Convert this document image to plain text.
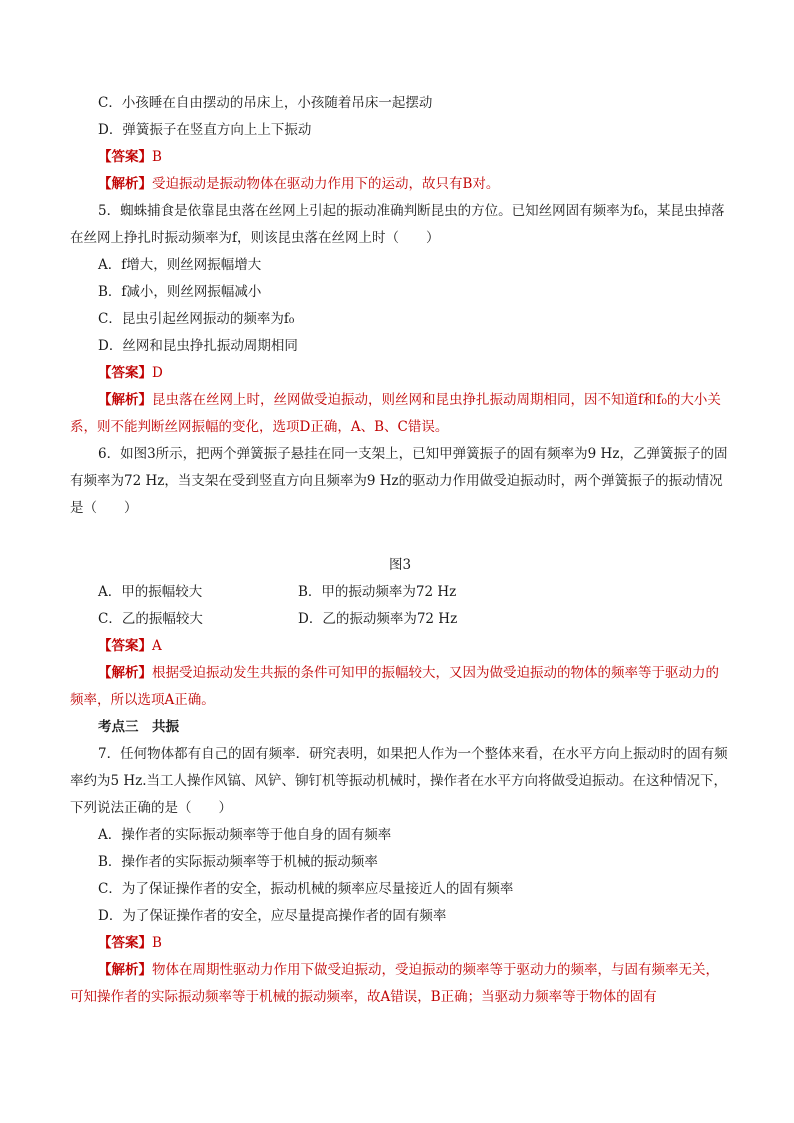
C．小孩睡在自由摆动的吊床上，小孩随着吊床一起摆动
D．弹簧振子在竖直方向上上下振动
【答案】B
【解析】受迫振动是振动物体在驱动力作用下的运动，故只有B对。
5．蜘蛛捕食是依靠昆虫落在丝网上引起的振动准确判断昆虫的方位。已知丝网固有频率为f₀，某昆虫掉落在丝网上挣扎时振动频率为f，则该昆虫落在丝网上时（　　）
A．f增大，则丝网振幅增大
B．f减小，则丝网振幅减小
C．昆虫引起丝网振动的频率为f₀
D．丝网和昆虫挣扎振动周期相同
【答案】D
【解析】昆虫落在丝网上时，丝网做受迫振动，则丝网和昆虫挣扎振动周期相同，因不知道f和f₀的大小关系，则不能判断丝网振幅的变化，选项D正确，A、B、C错误。
6．如图3所示，把两个弹簧振子悬挂在同一支架上，已知甲弹簧振子的固有频率为9 Hz，乙弹簧振子的固有频率为72 Hz，当支架在受到竖直方向且频率为9 Hz的驱动力作用做受迫振动时，两个弹簧振子的振动情况是（　　）
图3
A．甲的振幅较大	B．甲的振动频率为72 Hz
C．乙的振幅较大	D．乙的振动频率为72 Hz
【答案】A
【解析】根据受迫振动发生共振的条件可知甲的振幅较大，又因为做受迫振动的物体的频率等于驱动力的频率，所以选项A正确。
考点三　共振
7．任何物体都有自己的固有频率．研究表明，如果把人作为一个整体来看，在水平方向上振动时的固有频率约为5 Hz.当工人操作风镐、风铲、铆钉机等振动机械时，操作者在水平方向将做受迫振动。在这种情况下，下列说法正确的是（　　）
A．操作者的实际振动频率等于他自身的固有频率
B．操作者的实际振动频率等于机械的振动频率
C．为了保证操作者的安全，振动机械的频率应尽量接近人的固有频率
D．为了保证操作者的安全，应尽量提高操作者的固有频率
【答案】B
【解析】物体在周期性驱动力作用下做受迫振动，受迫振动的频率等于驱动力的频率，与固有频率无关，可知操作者的实际振动频率等于机械的振动频率，故A错误，B正确；当驱动力频率等于物体的固有
